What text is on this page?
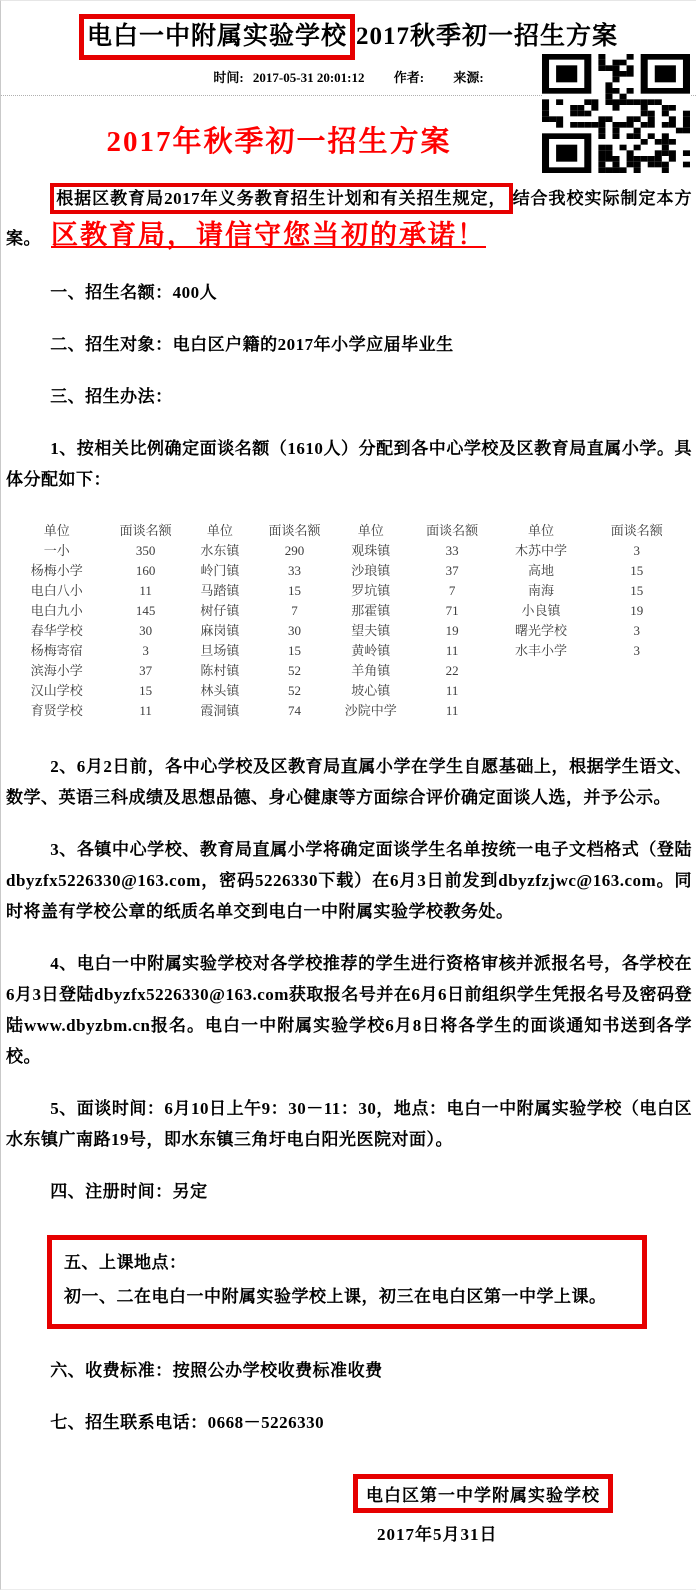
电白一中附属实验学校 2017秋季初一招生方案
时间: 2017-05-31 20:01:12 作者: 来源:
2017年秋季初一招生方案

根据区教育局2017年义务教育招生计划和有关招生规定， 结合我校实际制定本方案。 区教育局，请信守您当初的承诺！

一、招生名额：400人

二、招生对象：电白区户籍的2017年小学应届毕业生

三、招生办法：

1、按相关比例确定面谈名额（1610人）分配到各中心学校及区教育局直属小学。具体分配如下：

单位	面谈名额	单位	面谈名额	单位	面谈名额	单位	面谈名额
一小	350	水东镇	290	观珠镇	33	木苏中学	3
杨梅小学	160	岭门镇	33	沙琅镇	37	高地	15
电白八小	11	马踏镇	15	罗坑镇	7	南海	15
电白九小	145	树仔镇	7	那霍镇	71	小良镇	19
春华学校	30	麻岗镇	30	望夫镇	19	曙光学校	3
杨梅寄宿	3	旦场镇	15	黄岭镇	11	水丰小学	3
滨海小学	37	陈村镇	52	羊角镇	22		
汉山学校	15	林头镇	52	坡心镇	11		
育贤学校	11	霞洞镇	74	沙院中学	11		

2、6月2日前，各中心学校及区教育局直属小学在学生自愿基础上，根据学生语文、数学、英语三科成绩及思想品德、身心健康等方面综合评价确定面谈人选，并予公示。

3、各镇中心学校、教育局直属小学将确定面谈学生名单按统一电子文档格式（登陆dbyzfx5226330@163.com，密码5226330下载）在6月3日前发到dbyzfzjwc@163.com。同时将盖有学校公章的纸质名单交到电白一中附属实验学校教务处。

4、电白一中附属实验学校对各学校推荐的学生进行资格审核并派报名号，各学校在6月3日登陆dbyzfx5226330@163.com获取报名号并在6月6日前组织学生凭报名号及密码登陆www.dbyzbm.cn报名。电白一中附属实验学校6月8日将各学生的面谈通知书送到各学校。

5、面谈时间：6月10日上午9：30－11：30，地点：电白一中附属实验学校（电白区水东镇广南路19号，即水东镇三角圩电白阳光医院对面）。

四、注册时间：另定

五、上课地点：

初一、二在电白一中附属实验学校上课，初三在电白区第一中学上课。

六、收费标准：按照公办学校收费标准收费

七、招生联系电话：0668－5226330

电白区第一中学附属实验学校
2017年5月31日
